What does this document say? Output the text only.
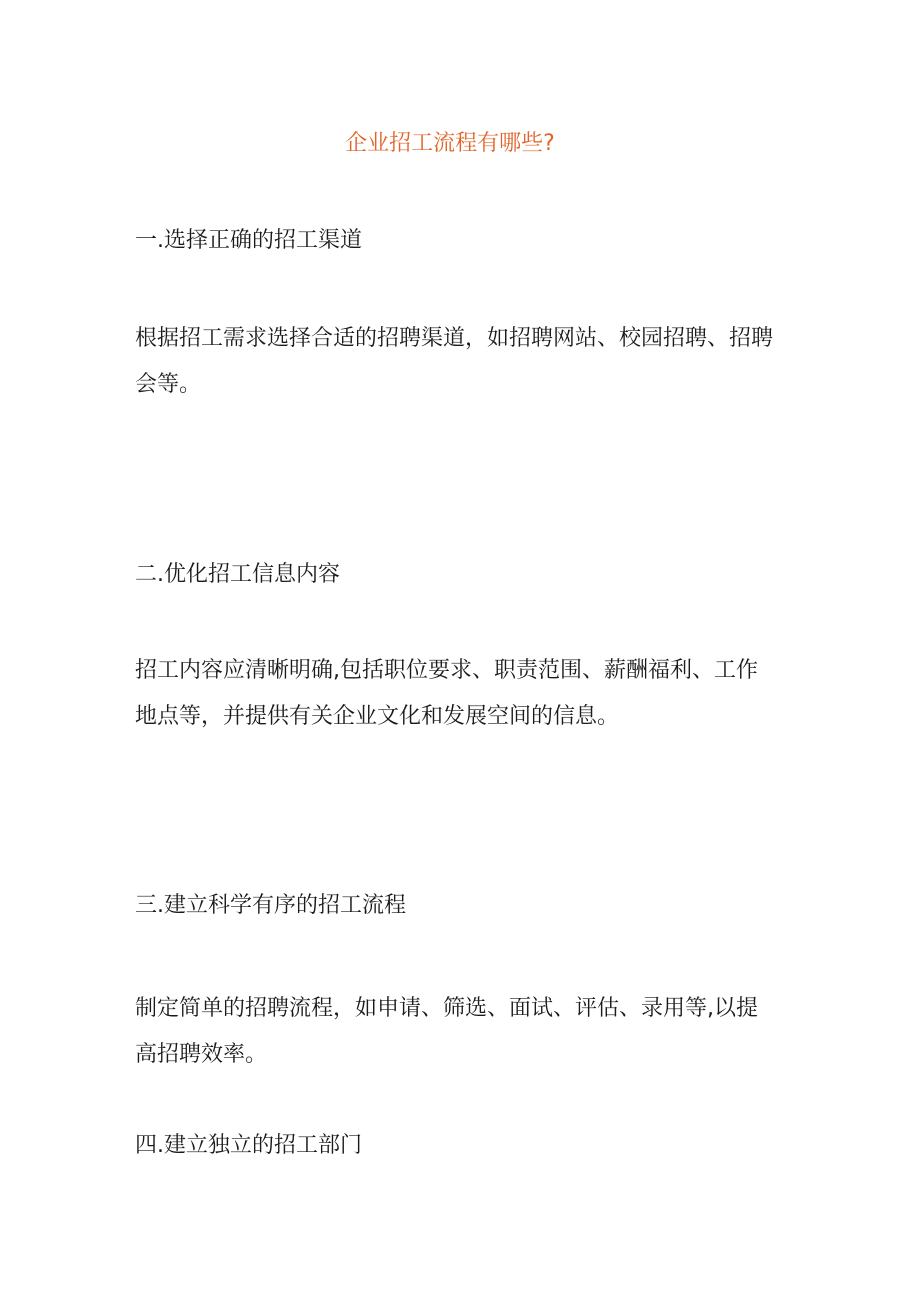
企业招工流程有哪些?
一.选择正确的招工渠道
根据招工需求选择合适的招聘渠道，如招聘网站、校园招聘、招聘会等。
二.优化招工信息内容
招工内容应清晰明确,包括职位要求、职责范围、薪酬福利、工作地点等，并提供有关企业文化和发展空间的信息。
三.建立科学有序的招工流程
制定简单的招聘流程，如申请、筛选、面试、评估、录用等,以提高招聘效率。
四.建立独立的招工部门
